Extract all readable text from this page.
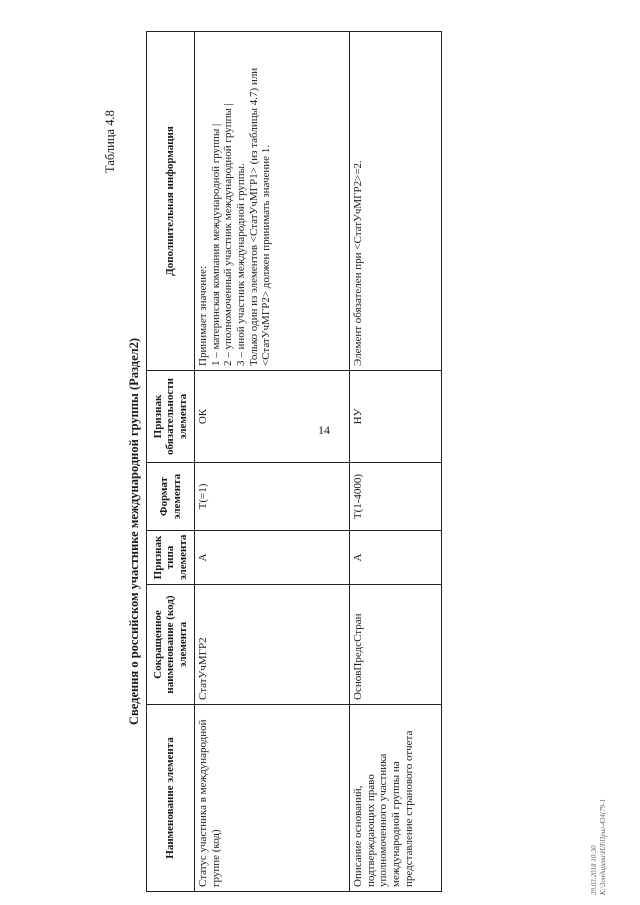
14
Таблица 4.8
Сведения о российском участнике международной группы (Раздел2)
Наименование элемента	Сокращенное наименование (код) элемента	Признак типа элемента	Формат элемента	Признак обязательности элемента	Дополнительная информация
Статус участника в международной группе (код)	СтатУчМГР2	А	T(=1)	ОК	Принимает значение:
1 – материнская компания международной группы |
2 – уполномоченный участник международной группы |
3 – иной участник международной группы.
Только один из элементов <СтатУчМГР1> (из таблицы 4.7) или <СтатУчМГР2> должен принимать значение 1.
Описание оснований, подтверждающих право уполномоченного участника международной группы на представление странового отчета	ОсновПредсСтран	А	T(1-4000)	НУ	Элемент обязателен при <СтатУчМГР2>=2.
29.03.2018 10:30 К:\Зондарева\ИЛ\Приг-434(79-1
